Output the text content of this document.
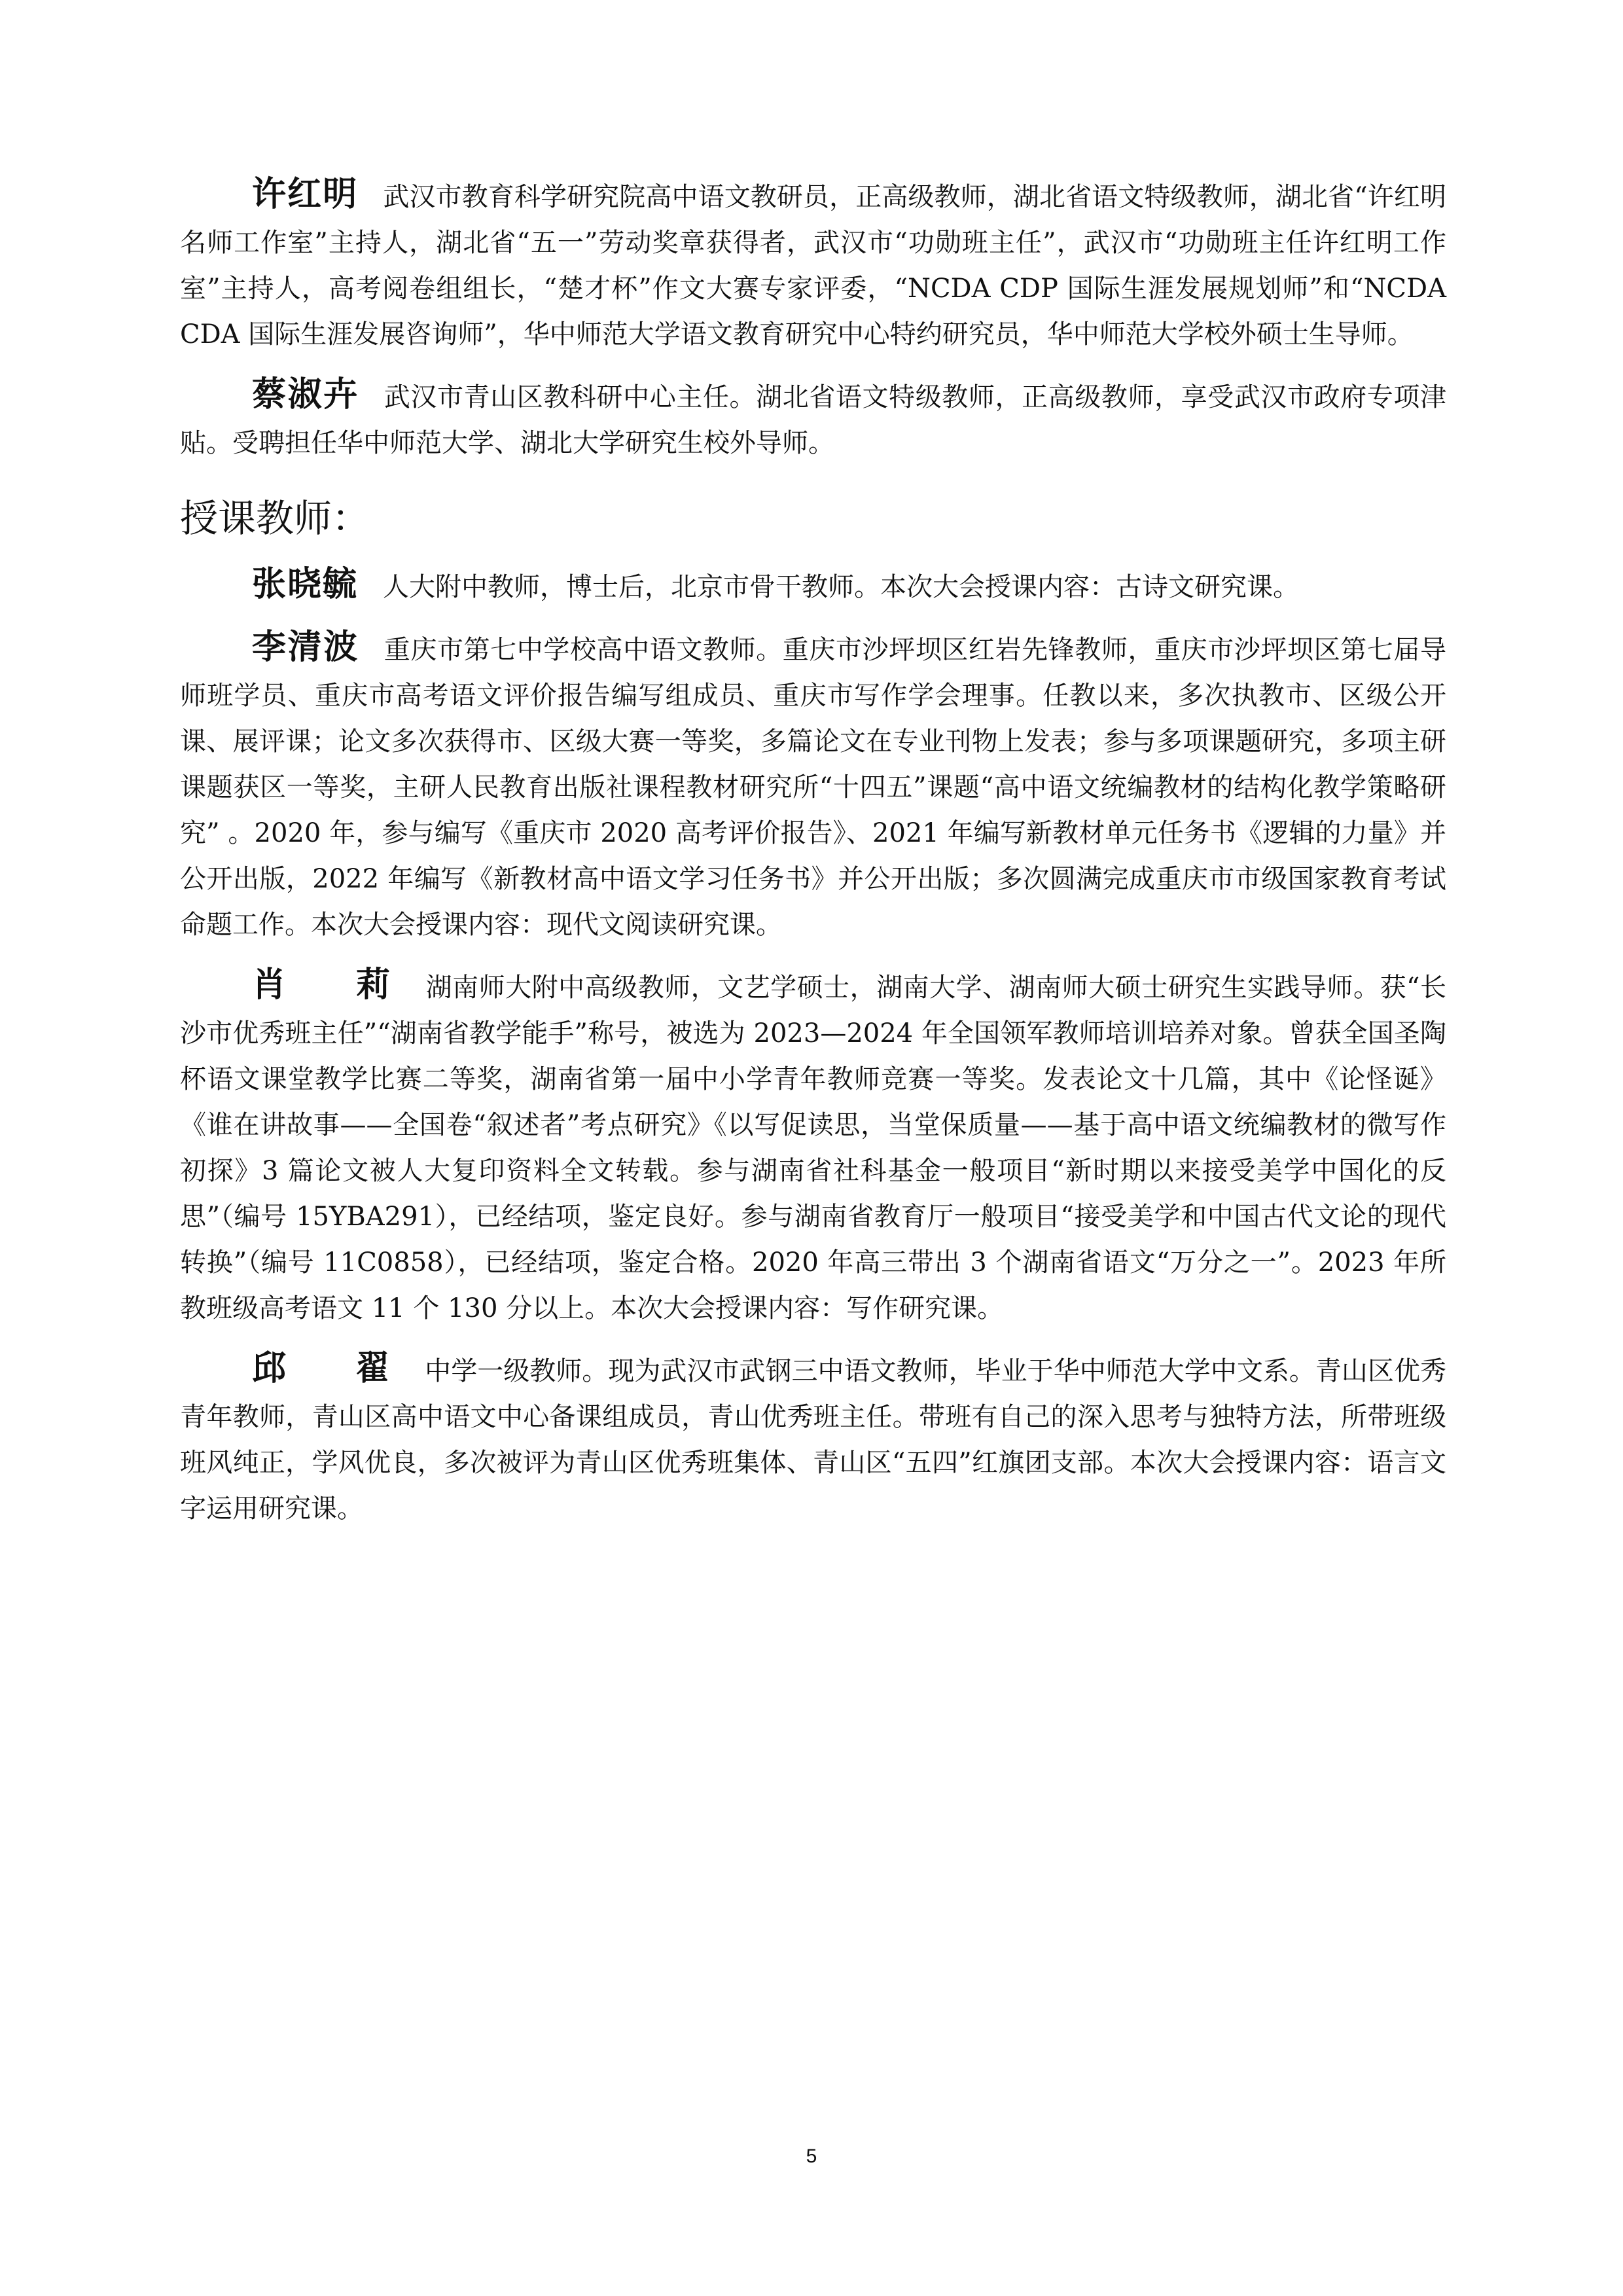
许红明 武汉市教育科学研究院高中语文教研员，正高级教师，湖北省语文特级教师，湖北省“许红明名师工作室”主持人，湖北省“五一”劳动奖章获得者，武汉市“功勋班主任”，武汉市“功勋班主任许红明工作室”主持人，高考阅卷组组长，“楚才杯”作文大赛专家评委，“NCDA CDP 国际生涯发展规划师”和“NCDA CDA 国际生涯发展咨询师”，华中师范大学语文教育研究中心特约研究员，华中师范大学校外硕士生导师。

蔡淑卉 武汉市青山区教科研中心主任。湖北省语文特级教师，正高级教师，享受武汉市政府专项津贴。受聘担任华中师范大学、湖北大学研究生校外导师。

授课教师：

张晓毓 人大附中教师，博士后，北京市骨干教师。本次大会授课内容：古诗文研究课。

李清波 重庆市第七中学校高中语文教师。重庆市沙坪坝区红岩先锋教师，重庆市沙坪坝区第七届导师班学员、重庆市高考语文评价报告编写组成员、重庆市写作学会理事。任教以来，多次执教市、区级公开课、展评课；论文多次获得市、区级大赛一等奖，多篇论文在专业刊物上发表；参与多项课题研究，多项主研课题获区一等奖，主研人民教育出版社课程教材研究所“十四五”课题“高中语文统编教材的结构化教学策略研究” 。2020 年，参与编写《重庆市 2020 高考评价报告》、2021 年编写新教材单元任务书《逻辑的力量》并公开出版，2022 年编写《新教材高中语文学习任务书》并公开出版；多次圆满完成重庆市市级国家教育考试命题工作。本次大会授课内容：现代文阅读研究课。

肖 莉 湖南师大附中高级教师，文艺学硕士，湖南大学、湖南师大硕士研究生实践导师。获“长沙市优秀班主任”“湖南省教学能手”称号，被选为 2023—2024 年全国领军教师培训培养对象。曾获全国圣陶杯语文课堂教学比赛二等奖，湖南省第一届中小学青年教师竞赛一等奖。发表论文十几篇，其中《论怪诞》《谁在讲故事——全国卷“叙述者”考点研究》《以写促读思，当堂保质量——基于高中语文统编教材的微写作初探》3 篇论文被人大复印资料全文转载。参与湖南省社科基金一般项目“新时期以来接受美学中国化的反思”（编号 15YBA291），已经结项，鉴定良好。参与湖南省教育厅一般项目“接受美学和中国古代文论的现代转换”（编号 11C0858），已经结项，鉴定合格。2020 年高三带出 3 个湖南省语文“万分之一”。2023 年所教班级高考语文 11 个 130 分以上。本次大会授课内容：写作研究课。

邱 翟 中学一级教师。现为武汉市武钢三中语文教师，毕业于华中师范大学中文系。青山区优秀青年教师，青山区高中语文中心备课组成员，青山优秀班主任。带班有自己的深入思考与独特方法，所带班级班风纯正，学风优良，多次被评为青山区优秀班集体、青山区“五四”红旗团支部。本次大会授课内容：语言文字运用研究课。

5
